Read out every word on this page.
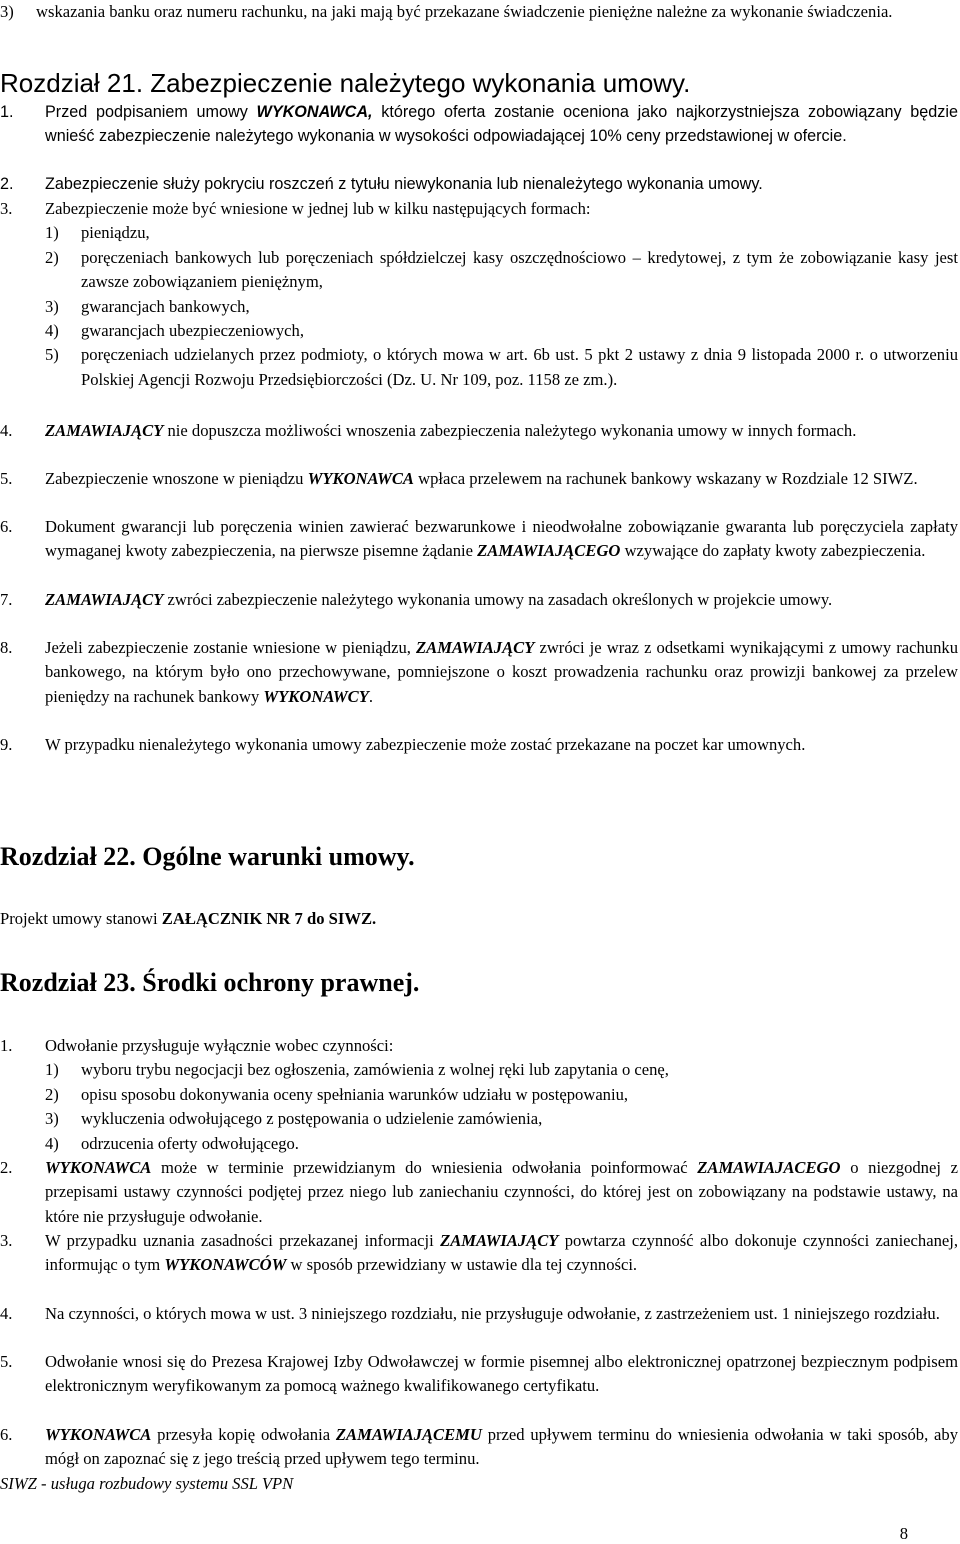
3)	wskazania banku oraz numeru rachunku, na jaki mają być przekazane świadczenie pieniężne należne za wykonanie świadczenia.
Rozdział 21. Zabezpieczenie należytego wykonania umowy.
1.	Przed podpisaniem umowy WYKONAWCA, którego oferta zostanie oceniona jako najkorzystniejsza zobowiązany będzie wnieść zabezpieczenie należytego wykonania w wysokości odpowiadającej 10% ceny przedstawionej w ofercie.
2.	Zabezpieczenie służy pokryciu roszczeń z tytułu niewykonania lub nienależytego wykonania umowy.
3.	Zabezpieczenie może być wniesione w jednej lub w kilku następujących formach:
1)	pieniądzu,
2)	poręczeniach bankowych lub poręczeniach spółdzielczej kasy oszczędnościowo – kredytowej, z tym że zobowiązanie kasy jest zawsze zobowiązaniem pieniężnym,
3)	gwarancjach bankowych,
4)	gwarancjach ubezpieczeniowych,
5)	poręczeniach udzielanych przez podmioty, o których mowa w art. 6b ust. 5 pkt 2 ustawy z dnia 9 listopada 2000 r. o utworzeniu Polskiej Agencji Rozwoju Przedsiębiorczości (Dz. U. Nr 109, poz. 1158 ze zm.).
4.	ZAMAWIAJĄCY nie dopuszcza możliwości wnoszenia zabezpieczenia należytego wykonania umowy w innych formach.
5.	Zabezpieczenie wnoszone w pieniądzu WYKONAWCA wpłaca przelewem na rachunek bankowy wskazany w Rozdziale 12 SIWZ.
6.	Dokument gwarancji lub poręczenia winien zawierać bezwarunkowe i nieodwołalne zobowiązanie gwaranta lub poręczyciela zapłaty wymaganej kwoty zabezpieczenia, na pierwsze pisemne żądanie ZAMAWIAJĄCEGO wzywające do zapłaty kwoty zabezpieczenia.
7.	ZAMAWIAJĄCY zwróci zabezpieczenie należytego wykonania umowy na zasadach określonych w projekcie umowy.
8.	Jeżeli zabezpieczenie zostanie wniesione w pieniądzu, ZAMAWIAJĄCY zwróci je wraz z odsetkami wynikającymi z umowy rachunku bankowego, na którym było ono przechowywane, pomniejszone o koszt prowadzenia rachunku oraz prowizji bankowej za przelew pieniędzy na rachunek bankowy WYKONAWCY.
9.	W przypadku nienależytego wykonania umowy zabezpieczenie może zostać przekazane na poczet kar umownych.
Rozdział 22. Ogólne warunki umowy.
Projekt umowy stanowi ZAŁĄCZNIK NR 7 do SIWZ.
Rozdział 23. Środki ochrony prawnej.
1.	Odwołanie przysługuje wyłącznie wobec czynności:
1)	wyboru trybu negocjacji bez ogłoszenia, zamówienia z wolnej ręki lub zapytania o cenę,
2)	opisu sposobu dokonywania oceny spełniania warunków udziału w postępowaniu,
3)	wykluczenia odwołującego z postępowania o udzielenie zamówienia,
4)	odrzucenia oferty odwołującego.
2.	WYKONAWCA może w terminie przewidzianym do wniesienia odwołania poinformować ZAMAWIAJACEGO o niezgodnej z przepisami ustawy czynności podjętej przez niego lub zaniechaniu czynności, do której jest on zobowiązany na podstawie ustawy, na które nie przysługuje odwołanie.
3.	W przypadku uznania zasadności przekazanej informacji ZAMAWIAJĄCY powtarza czynność albo dokonuje czynności zaniechanej, informując o tym WYKONAWCÓW w sposób przewidziany w ustawie dla tej czynności.
4.	Na czynności, o których mowa w ust. 3 niniejszego rozdziału, nie przysługuje odwołanie, z zastrzeżeniem ust. 1 niniejszego rozdziału.
5.	Odwołanie wnosi się do Prezesa Krajowej Izby Odwoławczej w formie pisemnej albo elektronicznej opatrzonej bezpiecznym podpisem elektronicznym weryfikowanym za pomocą ważnego kwalifikowanego certyfikatu.
6.	WYKONAWCA przesyła kopię odwołania ZAMAWIAJĄCEMU przed upływem terminu do wniesienia odwołania w taki sposób, aby mógł on zapoznać się z jego treścią przed upływem tego terminu.
SIWZ - usługa rozbudowy systemu SSL VPN
8
